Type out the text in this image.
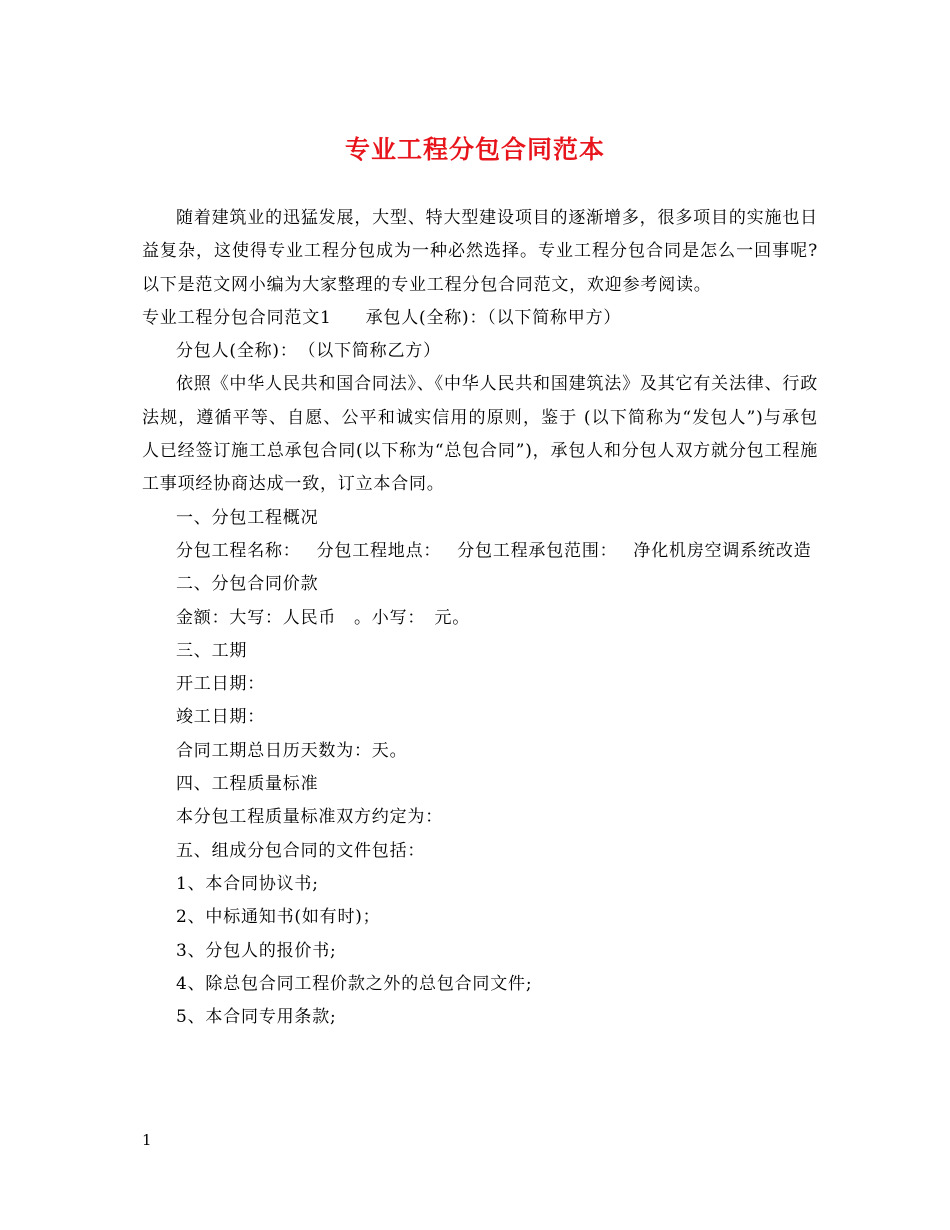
专业工程分包合同范本

随着建筑业的迅猛发展，大型、特大型建设项目的逐渐增多，很多项目的实施也日益复杂，这使得专业工程分包成为一种必然选择。专业工程分包合同是怎么一回事呢?以下是范文网小编为大家整理的专业工程分包合同范文，欢迎参考阅读。

专业工程分包合同范文1 承包人(全称)：（以下简称甲方）

分包人(全称)：　（以下简称乙方）

依照《中华人民共和国合同法》、《中华人民共和国建筑法》及其它有关法律、行政法规，遵循平等、自愿、公平和诚实信用的原则，鉴于 (以下简称为“发包人”)与承包人已经签订施工总承包合同(以下称为“总包合同”)，承包人和分包人双方就分包工程施工事项经协商达成一致，订立本合同。

一、分包工程概况

分包工程名称： 分包工程地点： 分包工程承包范围： 净化机房空调系统改造

二、分包合同价款

金额：大写：人民币　。小写：　元。

三、工期

开工日期：

竣工日期：

合同工期总日历天数为：天。

四、工程质量标准

本分包工程质量标准双方约定为：

五、组成分包合同的文件包括：

1、本合同协议书;

2、中标通知书(如有时)；

3、分包人的报价书;

4、除总包合同工程价款之外的总包合同文件;

5、本合同专用条款;

1
